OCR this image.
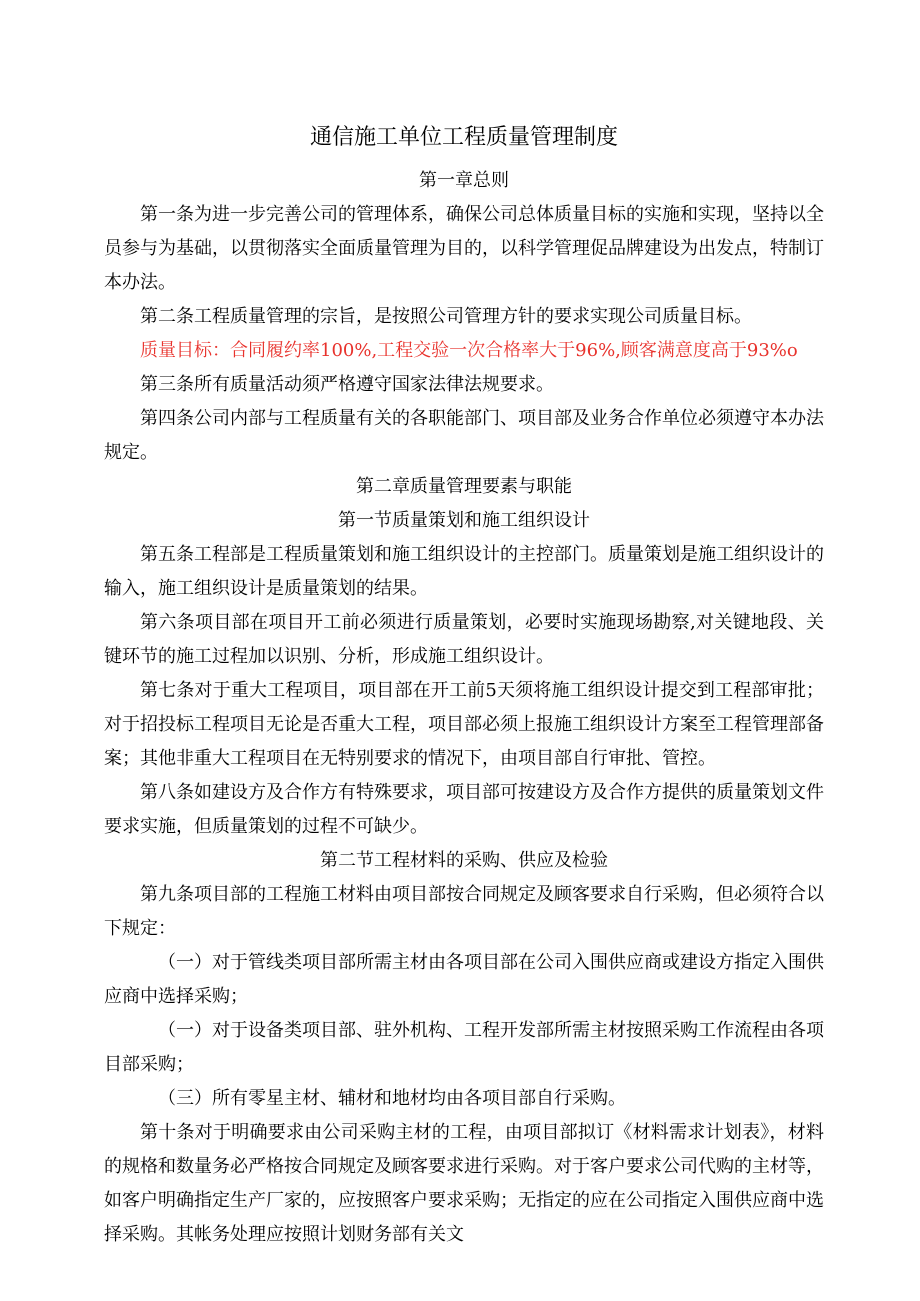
通信施工单位工程质量管理制度
第一章总则

第一条为进一步完善公司的管理体系，确保公司总体质量目标的实施和实现，坚持以全员参与为基础，以贯彻落实全面质量管理为目的，以科学管理促品牌建设为出发点，特制订本办法。

第二条工程质量管理的宗旨，是按照公司管理方针的要求实现公司质量目标。

质量目标：合同履约率100%,工程交验一次合格率大于96%,顾客满意度高于93%o

第三条所有质量活动须严格遵守国家法律法规要求。

第四条公司内部与工程质量有关的各职能部门、项目部及业务合作单位必须遵守本办法规定。

第二章质量管理要素与职能
第一节质量策划和施工组织设计

第五条工程部是工程质量策划和施工组织设计的主控部门。质量策划是施工组织设计的输入，施工组织设计是质量策划的结果。

第六条项目部在项目开工前必须进行质量策划，必要时实施现场勘察,对关键地段、关键环节的施工过程加以识别、分析，形成施工组织设计。

第七条对于重大工程项目，项目部在开工前5天须将施工组织设计提交到工程部审批；对于招投标工程项目无论是否重大工程，项目部必须上报施工组织设计方案至工程管理部备案；其他非重大工程项目在无特别要求的情况下，由项目部自行审批、管控。

第八条如建设方及合作方有特殊要求，项目部可按建设方及合作方提供的质量策划文件要求实施，但质量策划的过程不可缺少。

第二节工程材料的采购、供应及检验

第九条项目部的工程施工材料由项目部按合同规定及顾客要求自行采购，但必须符合以下规定：

（一）对于管线类项目部所需主材由各项目部在公司入围供应商或建设方指定入围供应商中选择采购；

（一）对于设备类项目部、驻外机构、工程开发部所需主材按照采购工作流程由各项目部采购；

（三）所有零星主材、辅材和地材均由各项目部自行采购。

第十条对于明确要求由公司采购主材的工程，由项目部拟订《材料需求计划表》，材料的规格和数量务必严格按合同规定及顾客要求进行采购。对于客户要求公司代购的主材等，如客户明确指定生产厂家的，应按照客户要求采购；无指定的应在公司指定入围供应商中选择采购。其帐务处理应按照计划财务部有关文
